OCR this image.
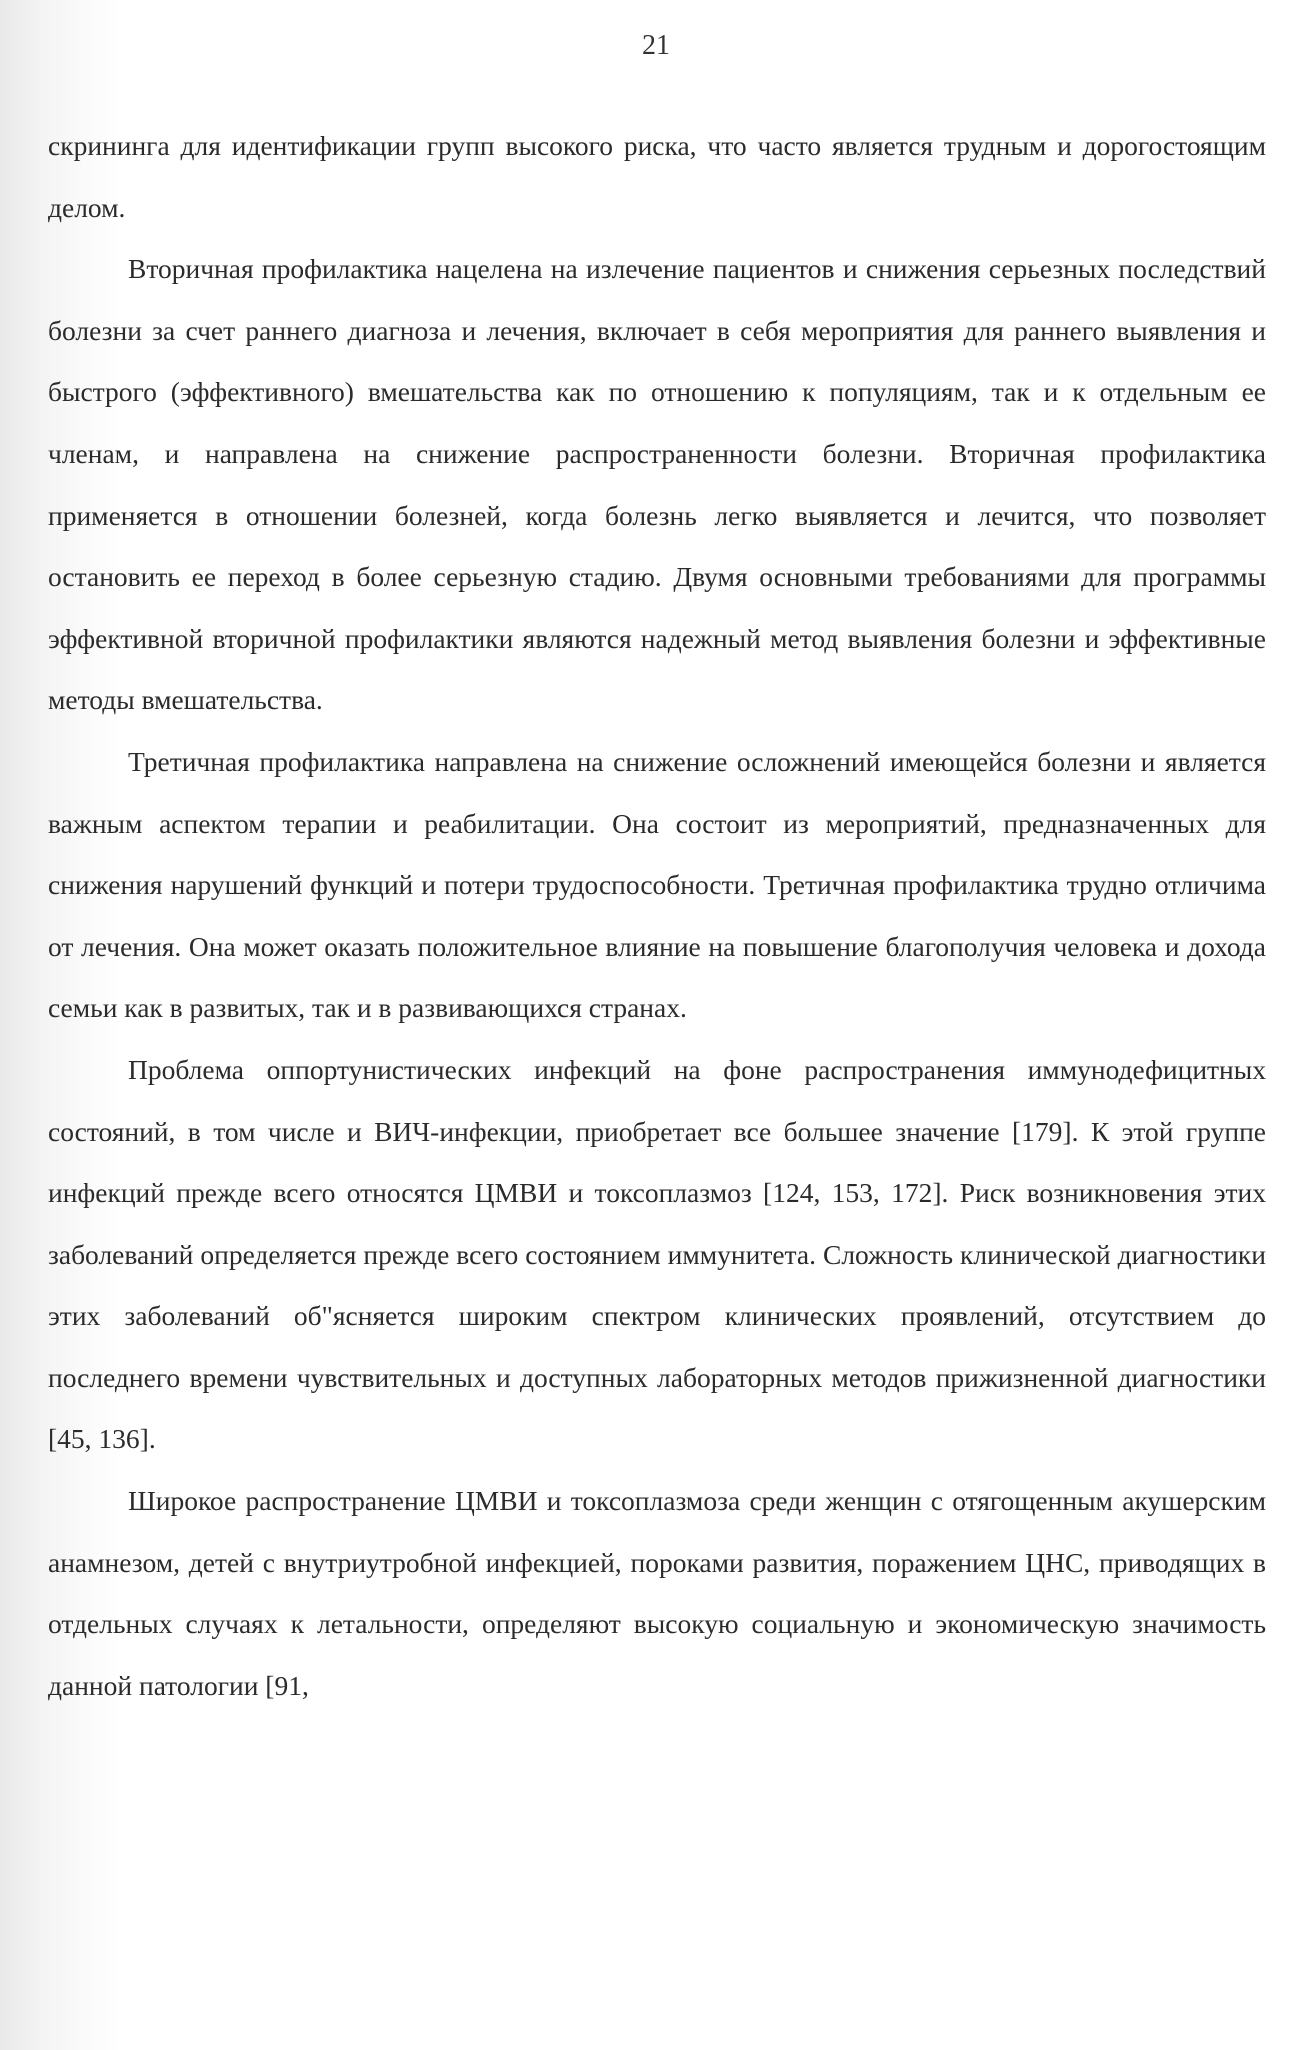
21

скрининга для идентификации групп высокого риска, что часто является трудным и дорогостоящим делом.

Вторичная профилактика нацелена на излечение пациентов и снижения серьезных последствий болезни за счет раннего диагноза и лечения, включает в себя мероприятия для раннего выявления и быстрого (эффективного) вмешательства как по отношению к популяциям, так и к отдельным ее членам, и направлена на снижение распространенности болезни. Вторичная профилактика применяется в отношении болезней, когда болезнь легко выявляется и лечится, что позволяет остановить ее переход в более серьезную стадию. Двумя основными требованиями для программы эффективной вторичной профилактики являются надежный метод выявления болезни и эффективные методы вмешательства.

Третичная профилактика направлена на снижение осложнений имеющейся болезни и является важным аспектом терапии и реабилитации. Она состоит из мероприятий, предназначенных для снижения нарушений функций и потери трудоспособности. Третичная профилактика трудно отличима от лечения. Она может оказать положительное влияние на повышение благополучия человека и дохода семьи как в развитых, так и в развивающихся странах.

Проблема оппортунистических инфекций на фоне распространения иммунодефицитных состояний, в том числе и ВИЧ-инфекции, приобретает все большее значение [179]. К этой группе инфекций прежде всего относятся ЦМВИ и токсоплазмоз [124, 153, 172]. Риск возникновения этих заболеваний определяется прежде всего состоянием иммунитета. Сложность клинической диагностики этих заболеваний об"ясняется широким спектром клинических проявлений, отсутствием до последнего времени чувствительных и доступных лабораторных методов прижизненной диагностики [45, 136].

Широкое распространение ЦМВИ и токсоплазмоза среди женщин с отягощенным акушерским анамнезом, детей с внутриутробной инфекцией, пороками развития, поражением ЦНС, приводящих в отдельных случаях к летальности, определяют высокую социальную и экономическую значимость данной патологии [91,
